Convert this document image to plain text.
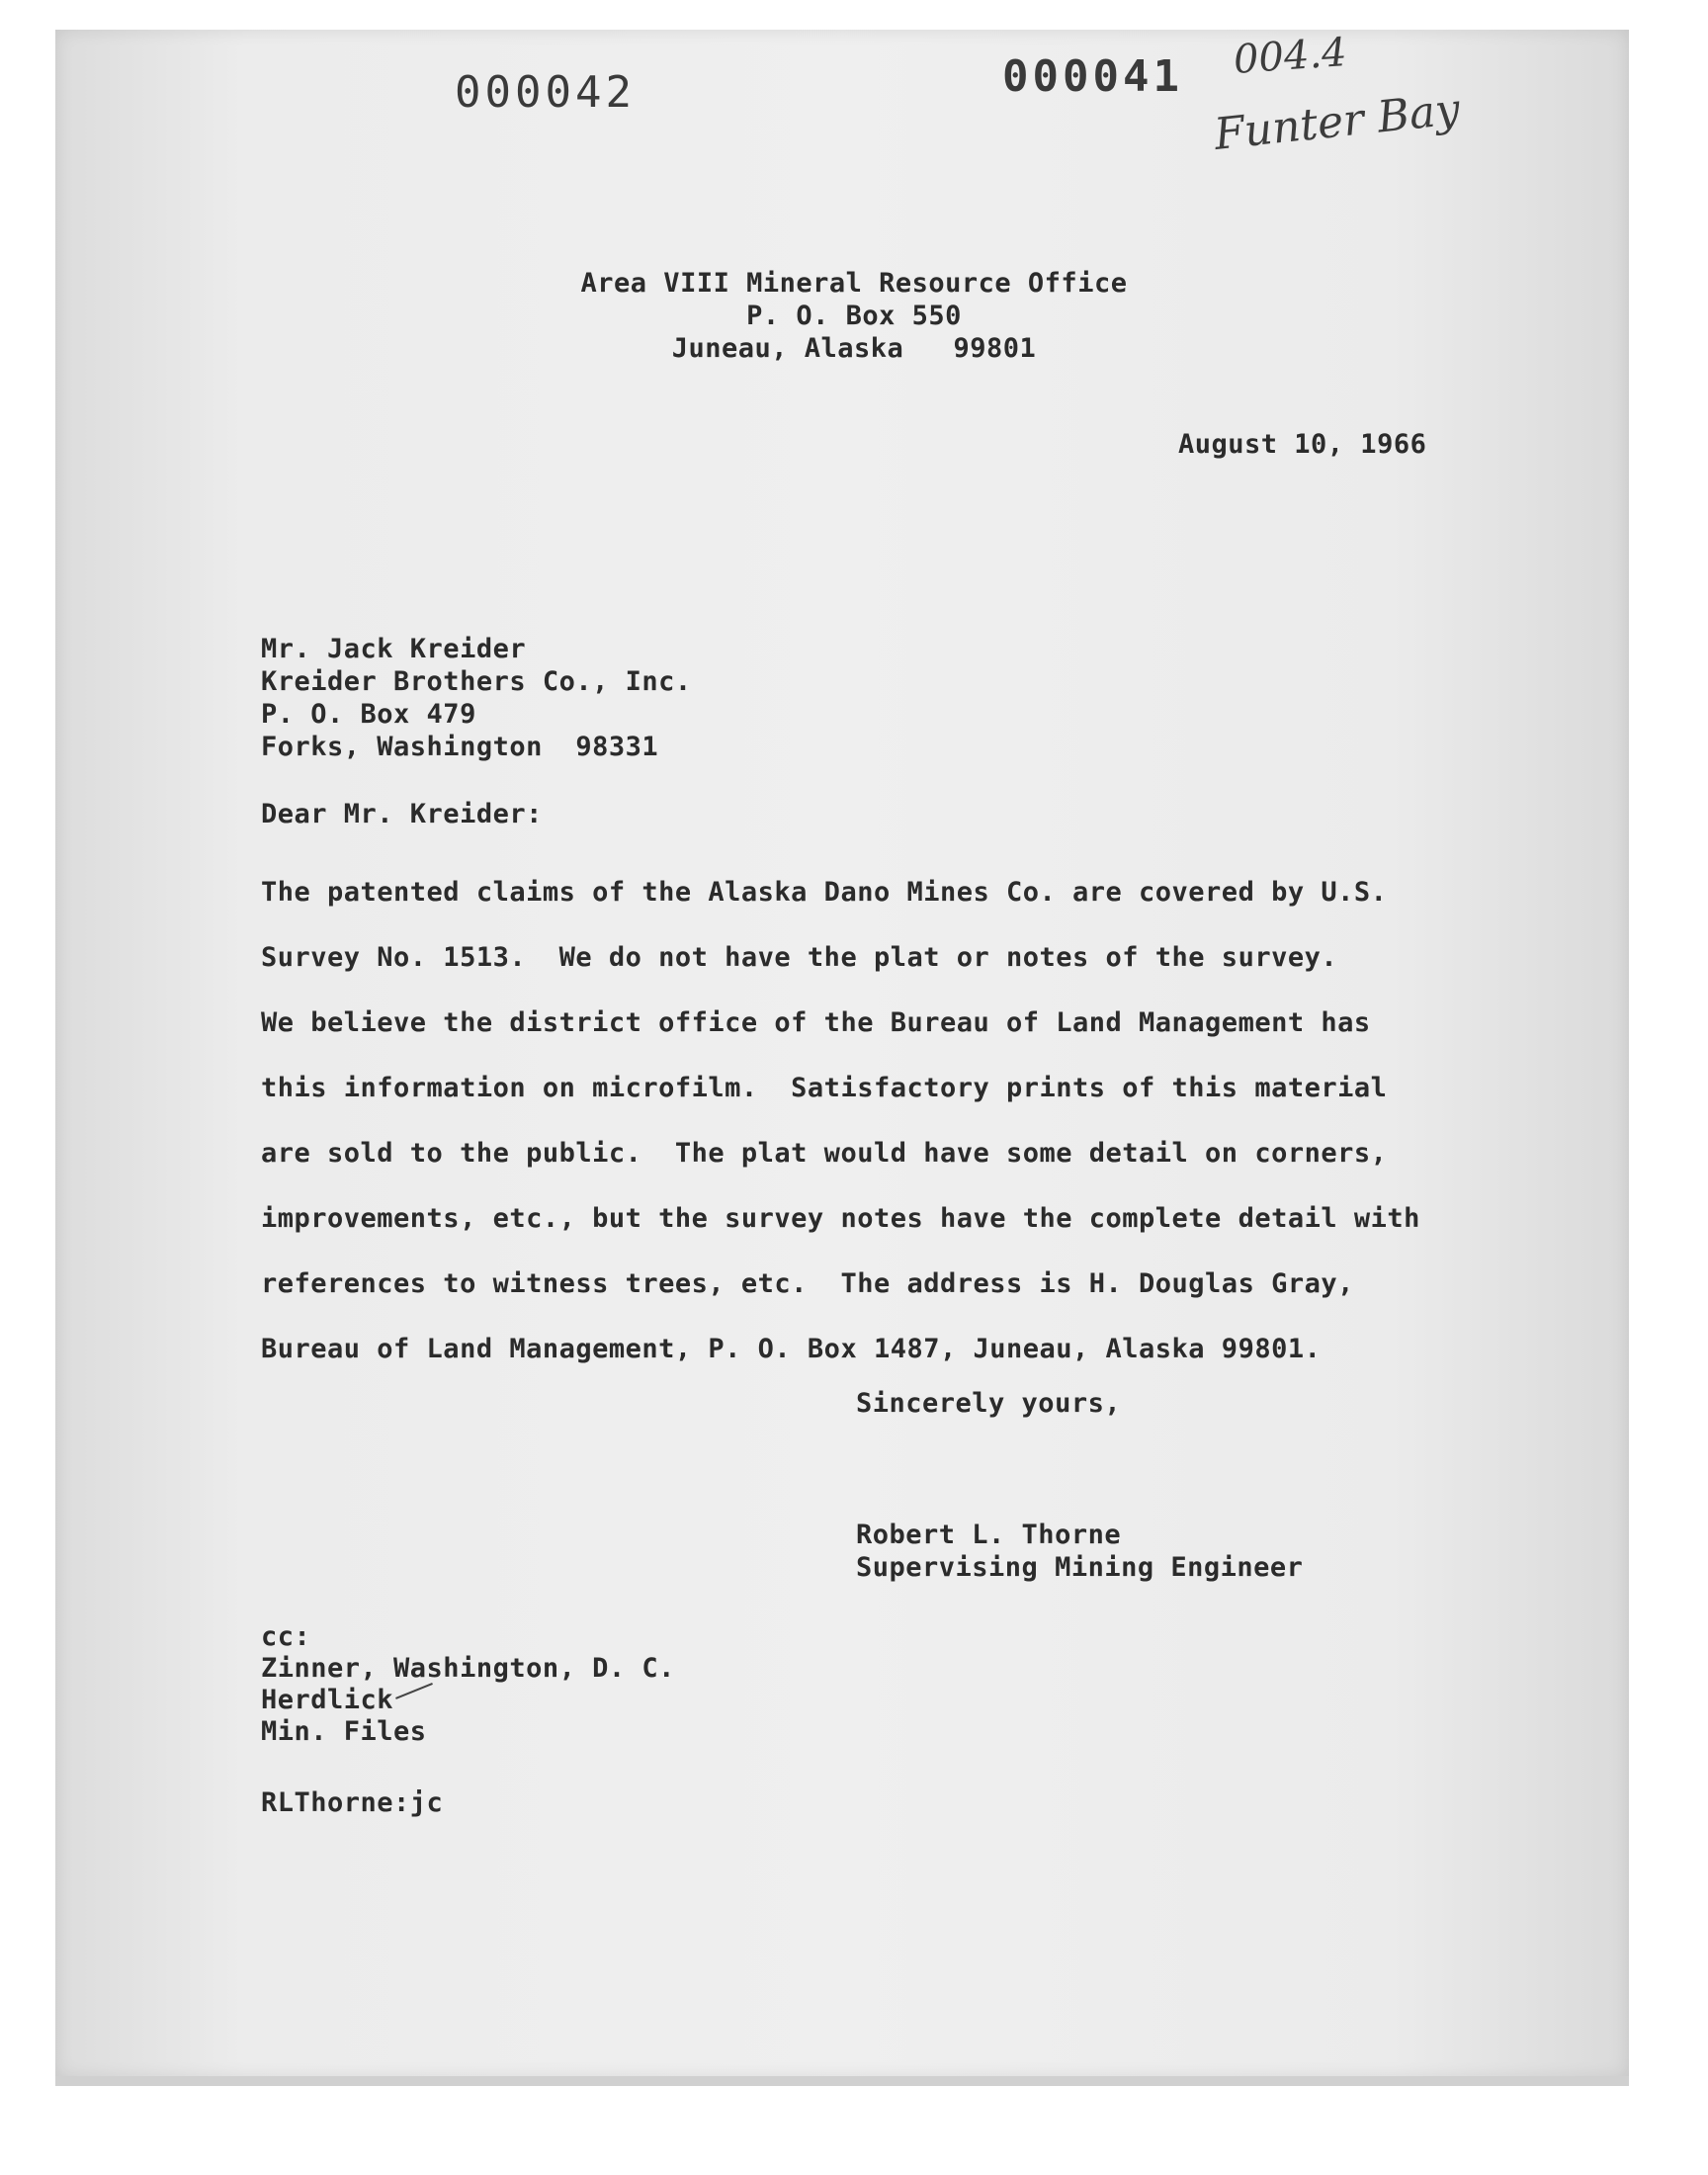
000042	000041 004.4
Funter Bay
Area VIII Mineral Resource Office
P. O. Box 550
Juneau, Alaska   99801
August 10, 1966
Mr. Jack Kreider
Kreider Brothers Co., Inc.
P. O. Box 479
Forks, Washington  98331
Dear Mr. Kreider:
The patented claims of the Alaska Dano Mines Co. are covered by U.S.
Survey No. 1513.  We do not have the plat or notes of the survey.
We believe the district office of the Bureau of Land Management has
this information on microfilm.  Satisfactory prints of this material
are sold to the public.  The plat would have some detail on corners,
improvements, etc., but the survey notes have the complete detail with
references to witness trees, etc.  The address is H. Douglas Gray,
Bureau of Land Management, P. O. Box 1487, Juneau, Alaska 99801.
Sincerely yours,
Robert L. Thorne
Supervising Mining Engineer
cc:
Zinner, Washington, D. C.
Herdlick
Min. Files
RLThorne:jc
